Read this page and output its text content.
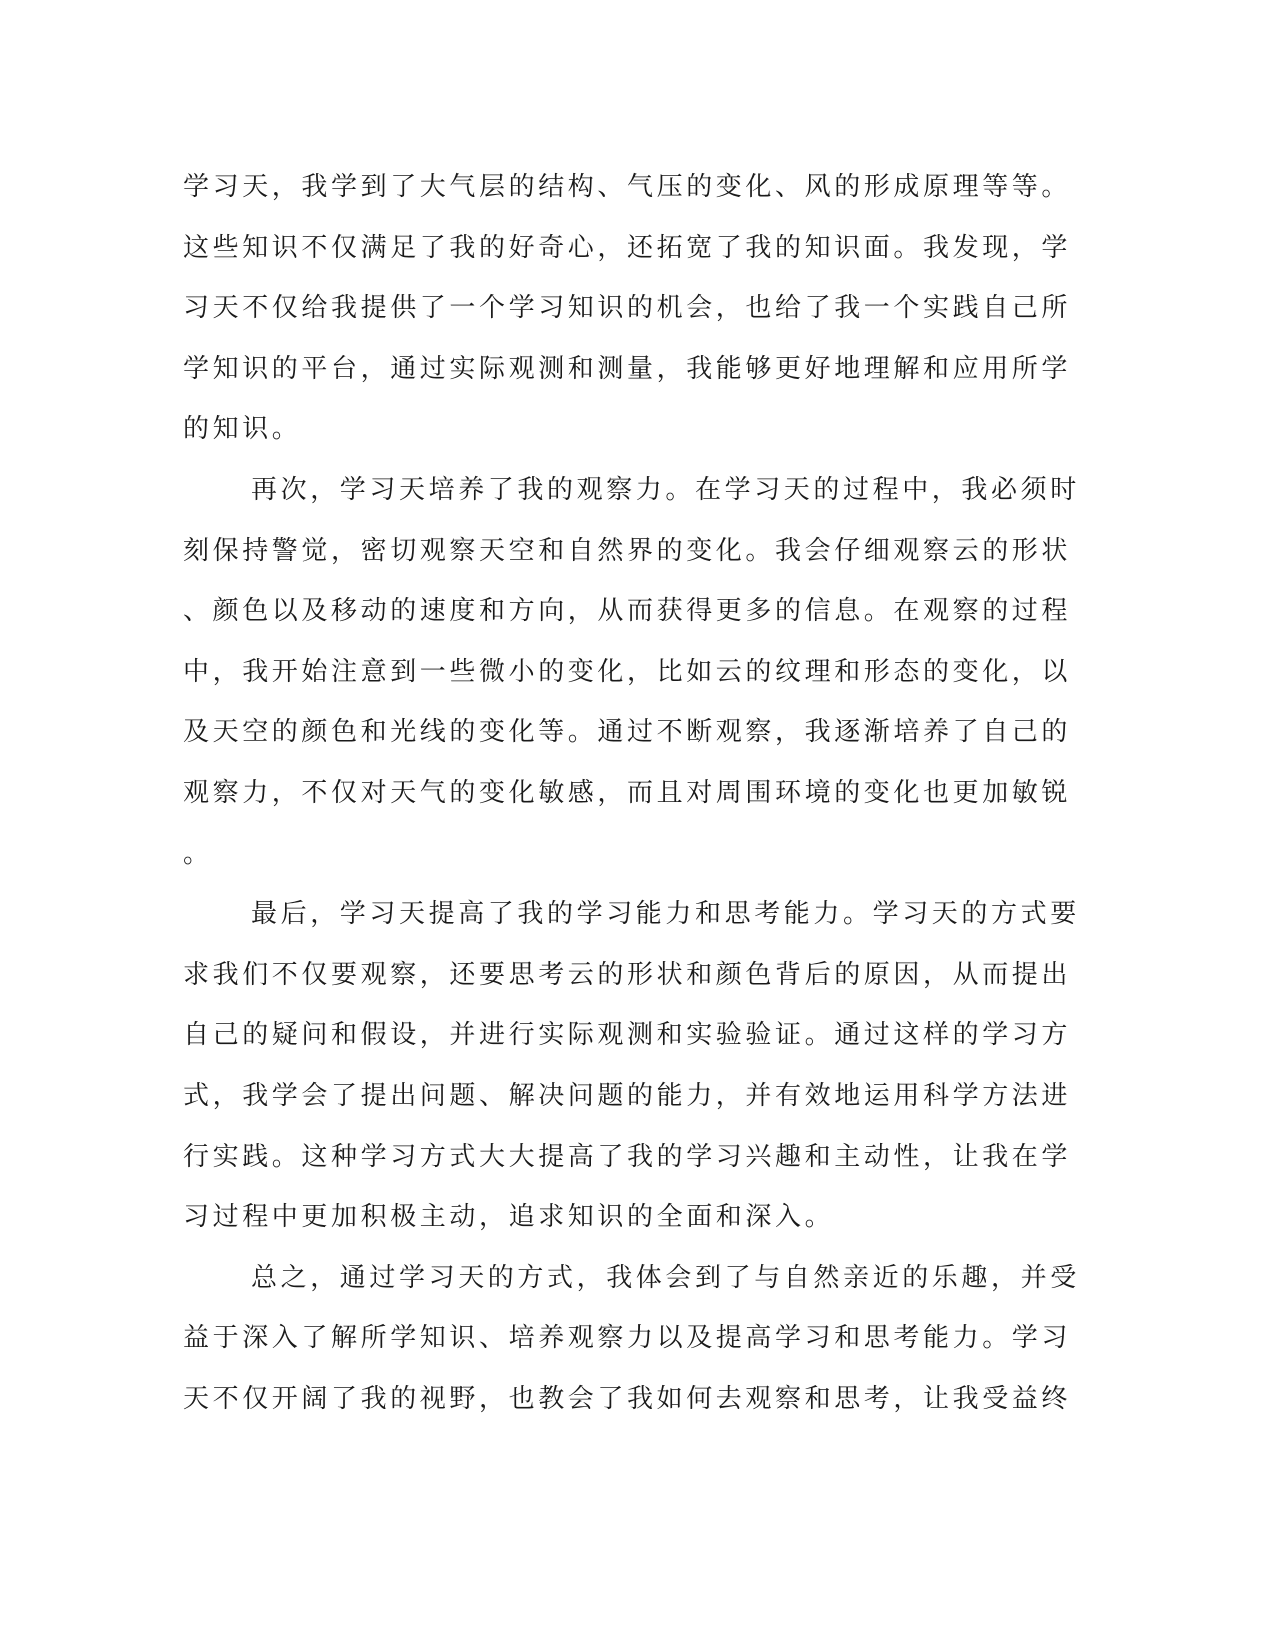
学习天，我学到了大气层的结构、气压的变化、风的形成原理等等。
这些知识不仅满足了我的好奇心，还拓宽了我的知识面。我发现，学
习天不仅给我提供了一个学习知识的机会，也给了我一个实践自己所
学知识的平台，通过实际观测和测量，我能够更好地理解和应用所学
的知识。

再次，学习天培养了我的观察力。在学习天的过程中，我必须时
刻保持警觉，密切观察天空和自然界的变化。我会仔细观察云的形状
、颜色以及移动的速度和方向，从而获得更多的信息。在观察的过程
中，我开始注意到一些微小的变化，比如云的纹理和形态的变化，以
及天空的颜色和光线的变化等。通过不断观察，我逐渐培养了自己的
观察力，不仅对天气的变化敏感，而且对周围环境的变化也更加敏锐
。

最后，学习天提高了我的学习能力和思考能力。学习天的方式要
求我们不仅要观察，还要思考云的形状和颜色背后的原因，从而提出
自己的疑问和假设，并进行实际观测和实验验证。通过这样的学习方
式，我学会了提出问题、解决问题的能力，并有效地运用科学方法进
行实践。这种学习方式大大提高了我的学习兴趣和主动性，让我在学
习过程中更加积极主动，追求知识的全面和深入。

总之，通过学习天的方式，我体会到了与自然亲近的乐趣，并受
益于深入了解所学知识、培养观察力以及提高学习和思考能力。学习
天不仅开阔了我的视野，也教会了我如何去观察和思考，让我受益终
